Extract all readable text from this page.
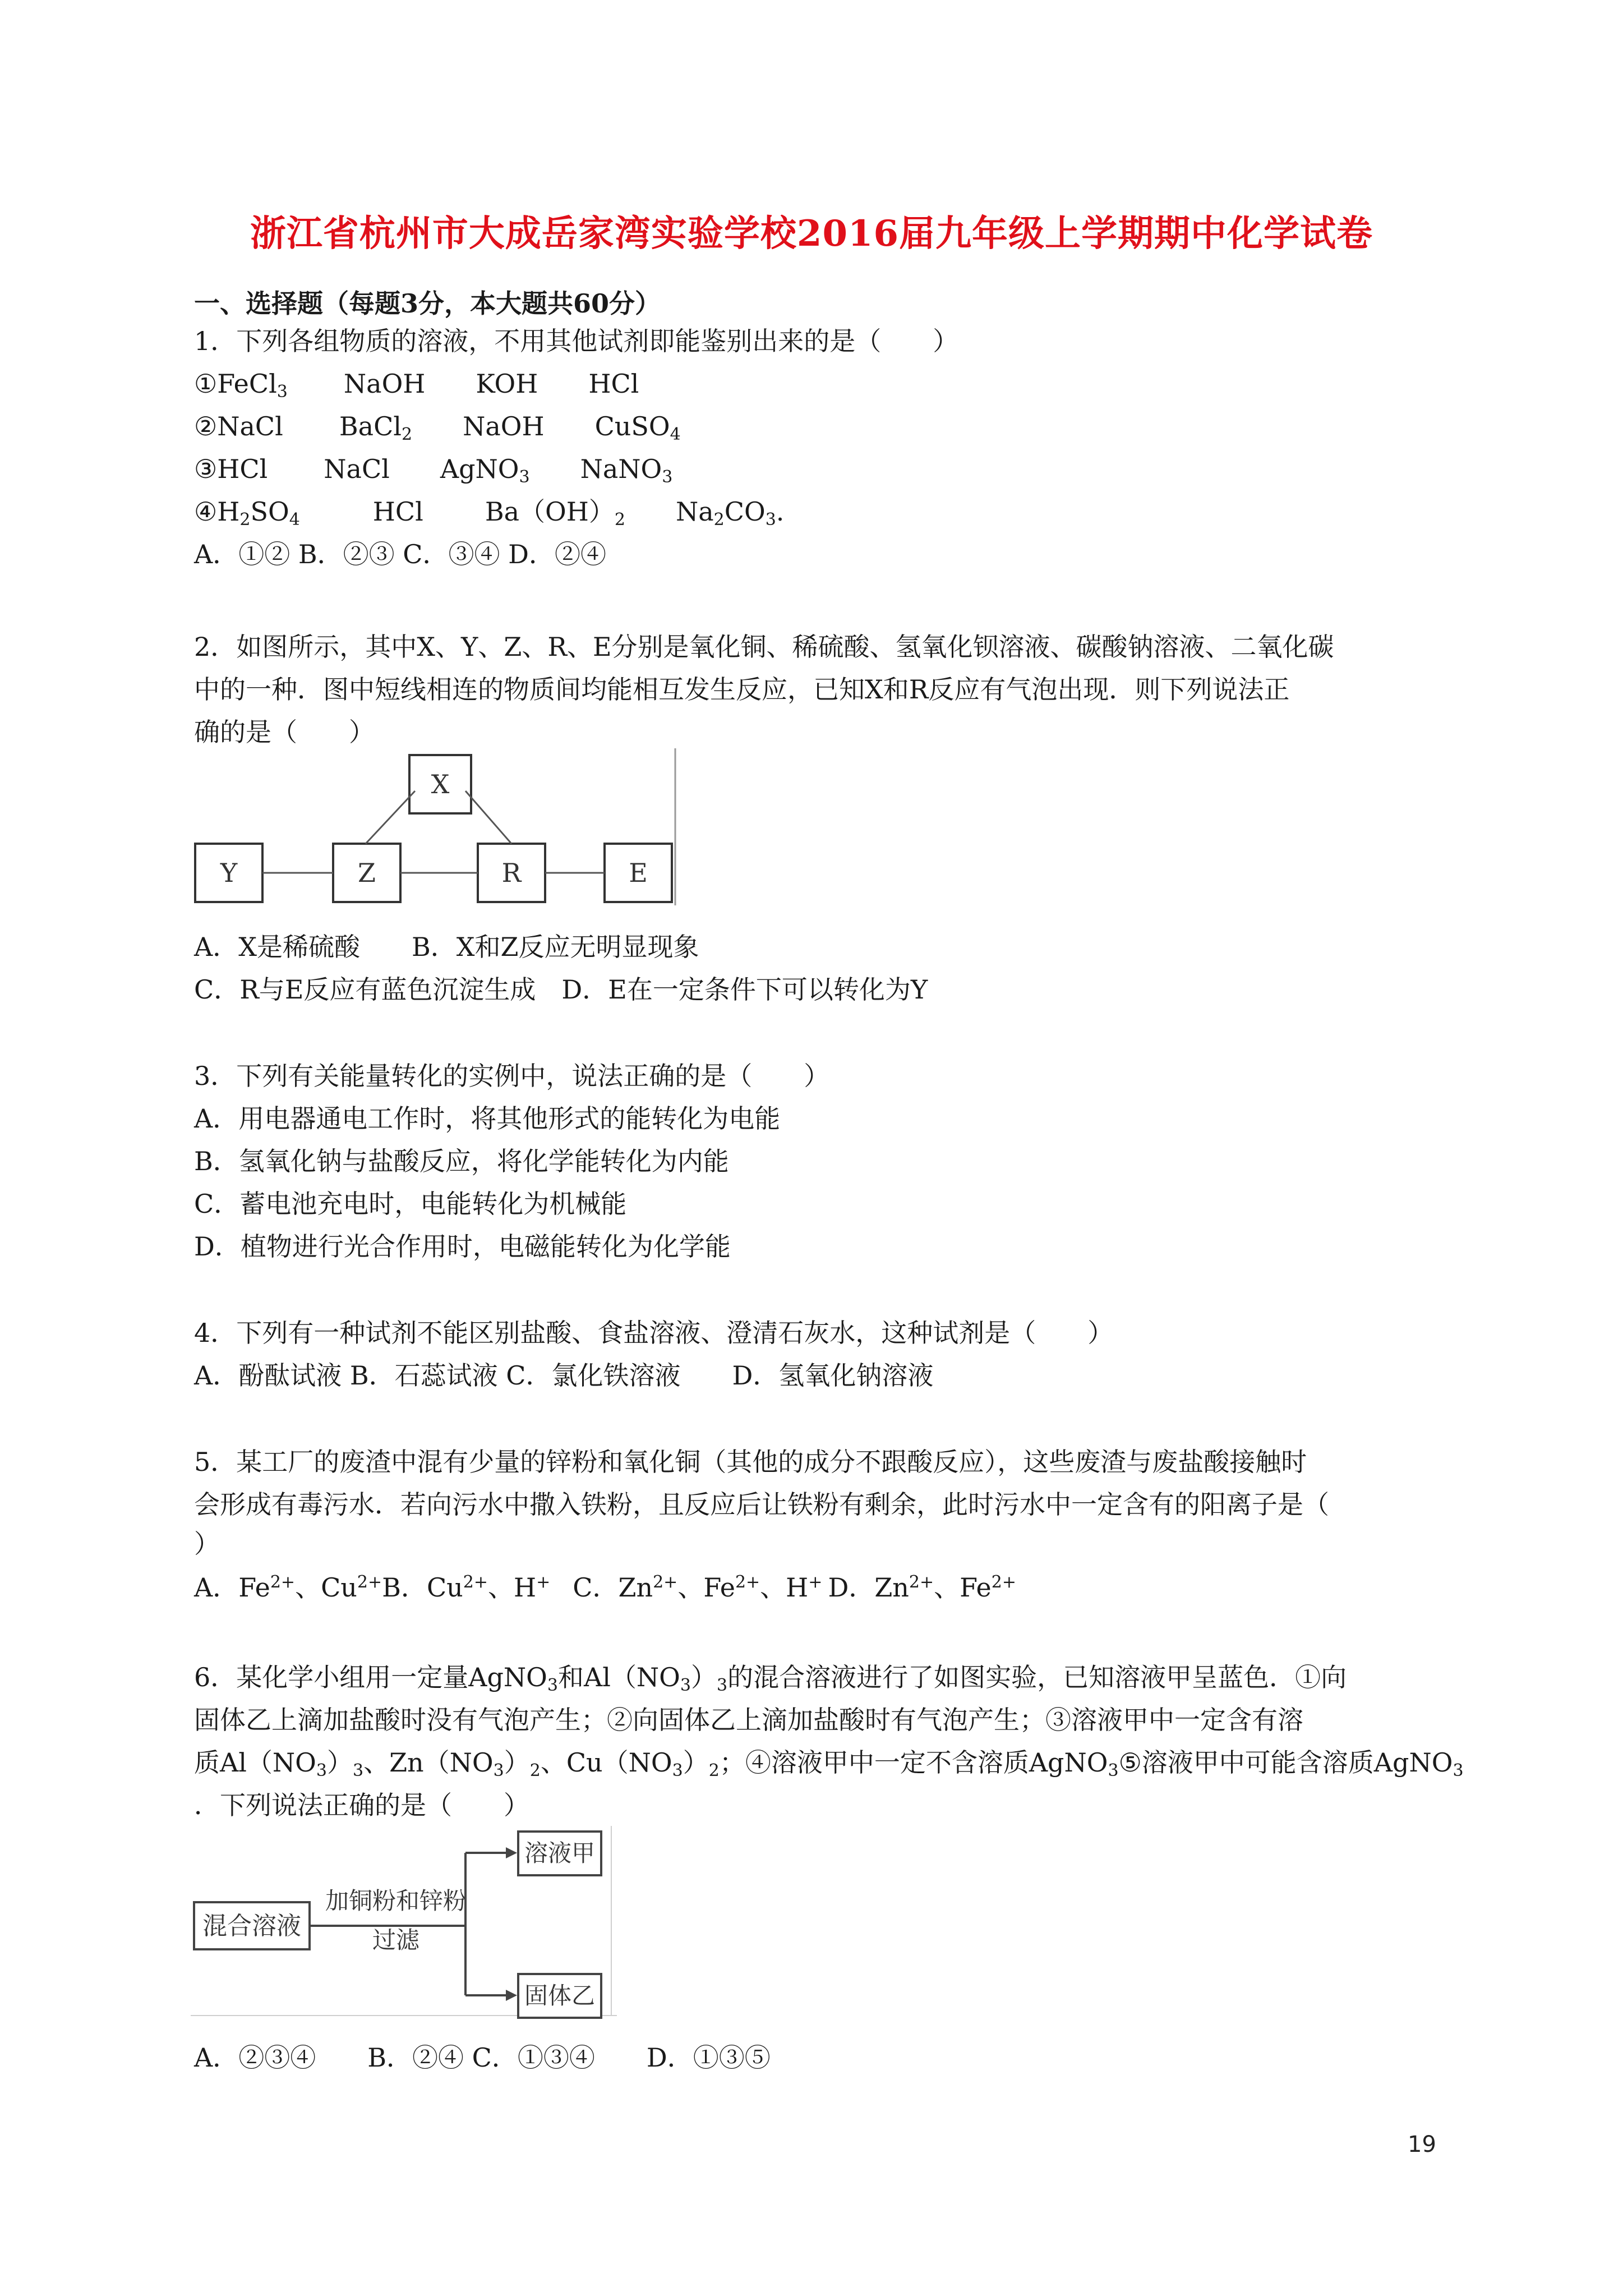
浙江省杭州市大成岳家湾实验学校2016届九年级上学期期中化学试卷
一、选择题（每题3分，本大题共60分）
1．下列各组物质的溶液，不用其他试剂即能鉴别出来的是（　　）
①FeCl$_3$ NaOH KOH HCl
②NaCl BaCl$_2$ NaOH CuSO$_4$
③HCl NaCl AgNO$_3$ NaNO$_3$
$④H_2SO_4$	HCl $Ba(OH)_2$ $Na_2CO_3$.
A．①② B．②③ C．③④ D．②④
2．如图所示，其中X、Y、Z、R、E分别是氧化铜、稀硫酸、氢氧化钡溶液、碳酸钠溶液、二氧化碳
中的一种．图中短线相连的物质间均能相互发生反应，已知X和R反应有气泡出现．则下列说法正
确的是（　　）
X
Y	Z	R	E
A．X是稀硫酸　　B．X和Z反应无明显现象
C．R与E反应有蓝色沉淀生成　D．E在一定条件下可以转化为Y
3．下列有关能量转化的实例中，说法正确的是（　　）
A．用电器通电工作时，将其他形式的能转化为电能
B．氢氧化钠与盐酸反应，将化学能转化为内能
C．蓄电池充电时，电能转化为机械能
D．植物进行光合作用时，电磁能转化为化学能
4．下列有一种试剂不能区别盐酸、食盐溶液、澄清石灰水，这种试剂是（　　）
A．酚酞试液 B．石蕊试液 C．氯化铁溶液　　D．氢氧化钠溶液
5．某工厂的废渣中混有少量的锌粉和氧化铜（其他的成分不跟酸反应），这些废渣与废盐酸接触时
会形成有毒污水．若向污水中撒入铁粉，且反应后让铁粉有剩余，此时污水中一定含有的阳离子是（
）
A．$Fe^{2+}$、$Cu^{2+}B$．$Cu^{2+}$、H+ C．$Zn^{2+}$、$Fe^{2+}$、H+ D．$Zn^{2+}$、$Fe^{2+}$
6．某化学小组用一定量AgNO$_3$和$Al(NO_3)_3$的混合溶液进行了如图实验，已知溶液甲呈蓝色．①向
固体乙上滴加盐酸时没有气泡产生；②向固体乙上滴加盐酸时有气泡产生；③溶液甲中一定含有溶
质$Al(NO_3)_3$、$Zn(NO_3)_2$、$Cu(NO_3)_2$；④溶液甲中一定不含溶质AgNO$_3$⑤溶液甲中可能含溶质AgNO$_3$
．下列说法正确的是（　　）
混合溶液
加铜粉和锌粉
过滤
溶液甲
固体乙
A．②③④　　B．②④ C．①③④　　D．①③⑤
19
